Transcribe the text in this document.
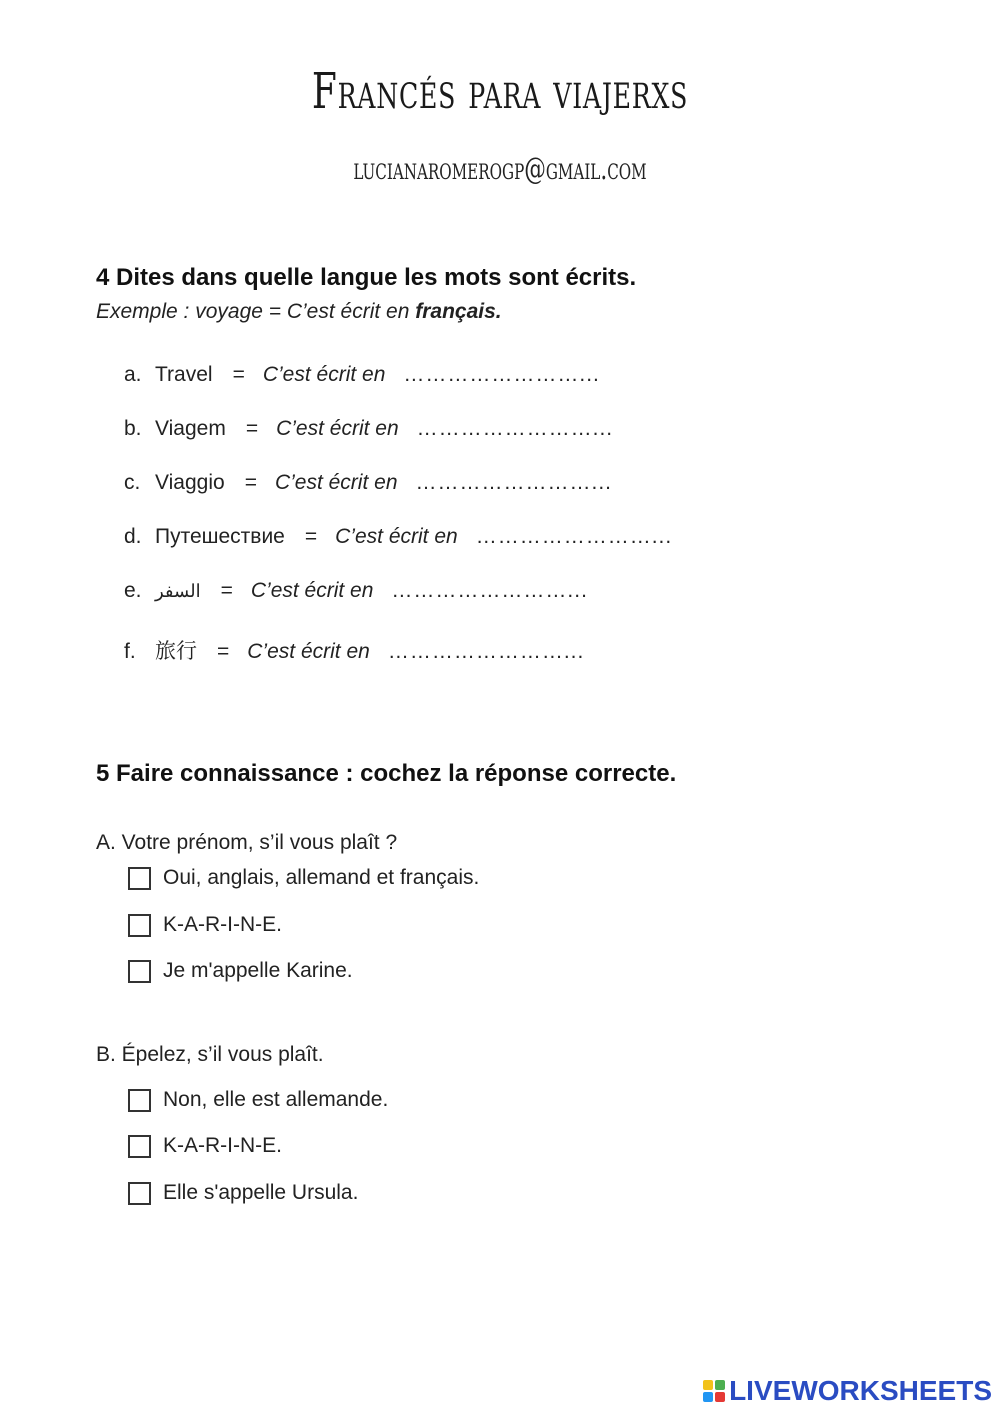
Francés para viajerxs
lucianaromerogp@gmail.com
4 Dites dans quelle langue les mots sont écrits.
Exemple : voyage = C’est écrit en français.
a. Travel = C’est écrit en ……………………...
b. Viagem = C’est écrit en ……………………...
c. Viaggio = C’est écrit en ……………………...
d. Путешествие = C’est écrit en ……………………...
e. السفر = C’est écrit en ……………………...
f. 旅行 = C’est écrit en ……………………...
5 Faire connaissance : cochez la réponse correcte.
A. Votre prénom, s’il vous plaît ?
Oui, anglais, allemand et français.
K-A-R-I-N-E.
Je m'appelle Karine.
B. Épelez, s’il vous plaît.
Non, elle est allemande.
K-A-R-I-N-E.
Elle s'appelle Ursula.
LIVEWORKSHEETS
